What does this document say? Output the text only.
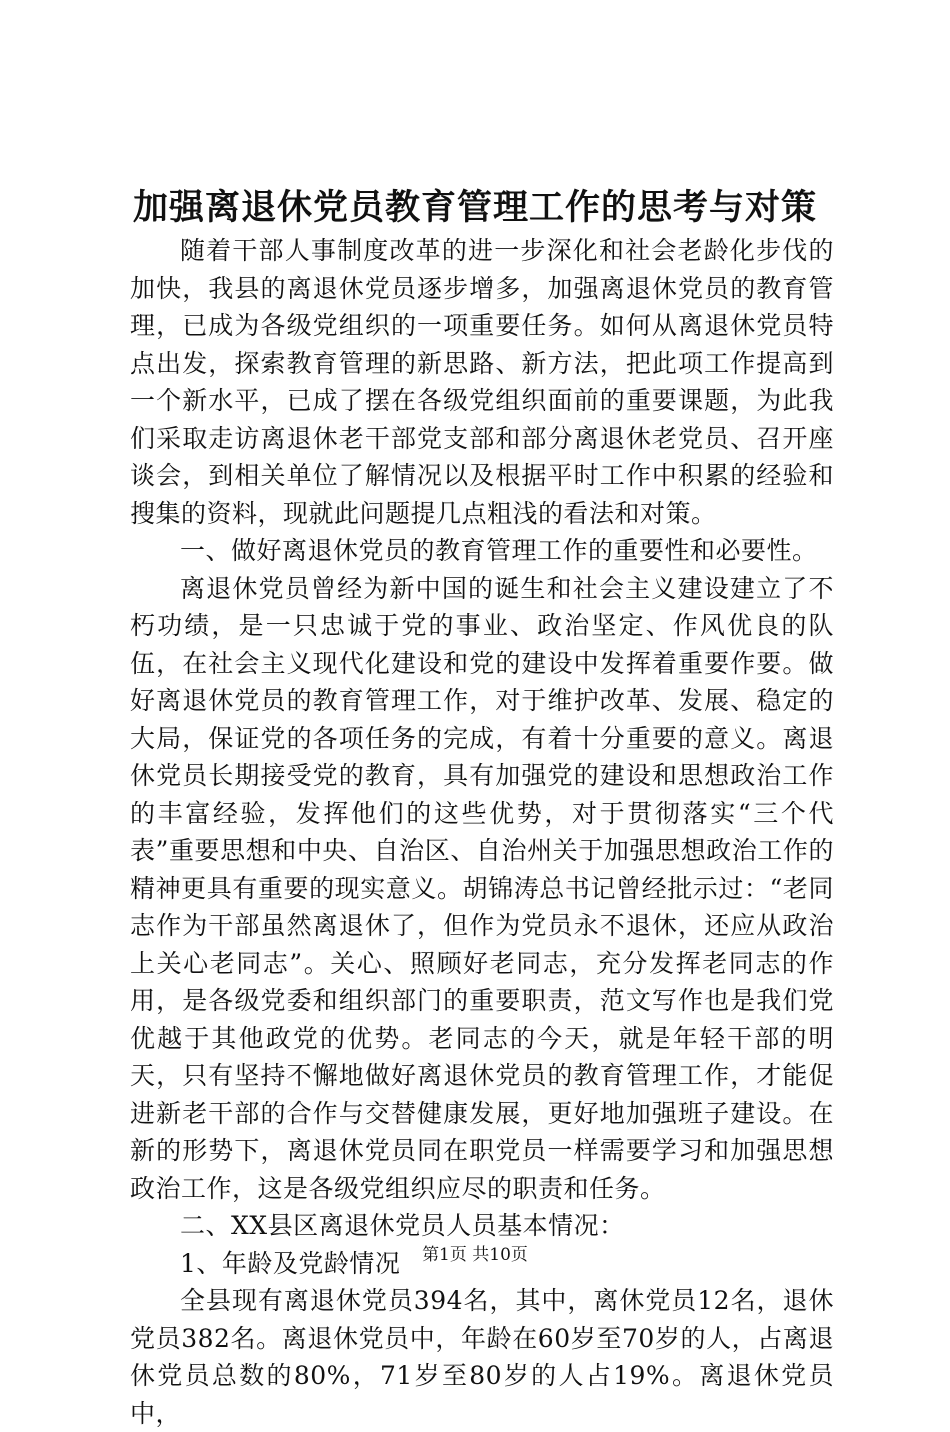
加强离退休党员教育管理工作的思考与对策

随着干部人事制度改革的进一步深化和社会老龄化步伐的加快，我县的离退休党员逐步增多，加强离退休党员的教育管理，已成为各级党组织的一项重要任务。如何从离退休党员特点出发，探索教育管理的新思路、新方法，把此项工作提高到一个新水平，已成了摆在各级党组织面前的重要课题，为此我们采取走访离退休老干部党支部和部分离退休老党员、召开座谈会，到相关单位了解情况以及根据平时工作中积累的经验和搜集的资料，现就此问题提几点粗浅的看法和对策。

一、做好离退休党员的教育管理工作的重要性和必要性。

离退休党员曾经为新中国的诞生和社会主义建设建立了不朽功绩，是一只忠诚于党的事业、政治坚定、作风优良的队伍，在社会主义现代化建设和党的建设中发挥着重要作要。做好离退休党员的教育管理工作，对于维护改革、发展、稳定的大局，保证党的各项任务的完成，有着十分重要的意义。离退休党员长期接受党的教育，具有加强党的建设和思想政治工作的丰富经验，发挥他们的这些优势，对于贯彻落实“三个代表”重要思想和中央、自治区、自治州关于加强思想政治工作的精神更具有重要的现实意义。胡锦涛总书记曾经批示过：“老同志作为干部虽然离退休了，但作为党员永不退休，还应从政治上关心老同志”。关心、照顾好老同志，充分发挥老同志的作用，是各级党委和组织部门的重要职责，范文写作也是我们党优越于其他政党的优势。老同志的今天，就是年轻干部的明天，只有坚持不懈地做好离退休党员的教育管理工作，才能促进新老干部的合作与交替健康发展，更好地加强班子建设。在新的形势下，离退休党员同在职党员一样需要学习和加强思想政治工作，这是各级党组织应尽的职责和任务。

二、XX县区离退休党员人员基本情况：

1、年龄及党龄情况

全县现有离退休党员394名，其中，离休党员12名，退休党员382名。离退休党员中，年龄在60岁至70岁的人，占离退休党员总数的80%，71岁至80岁的人占19%。离退休党员中，

第1页 共10页
